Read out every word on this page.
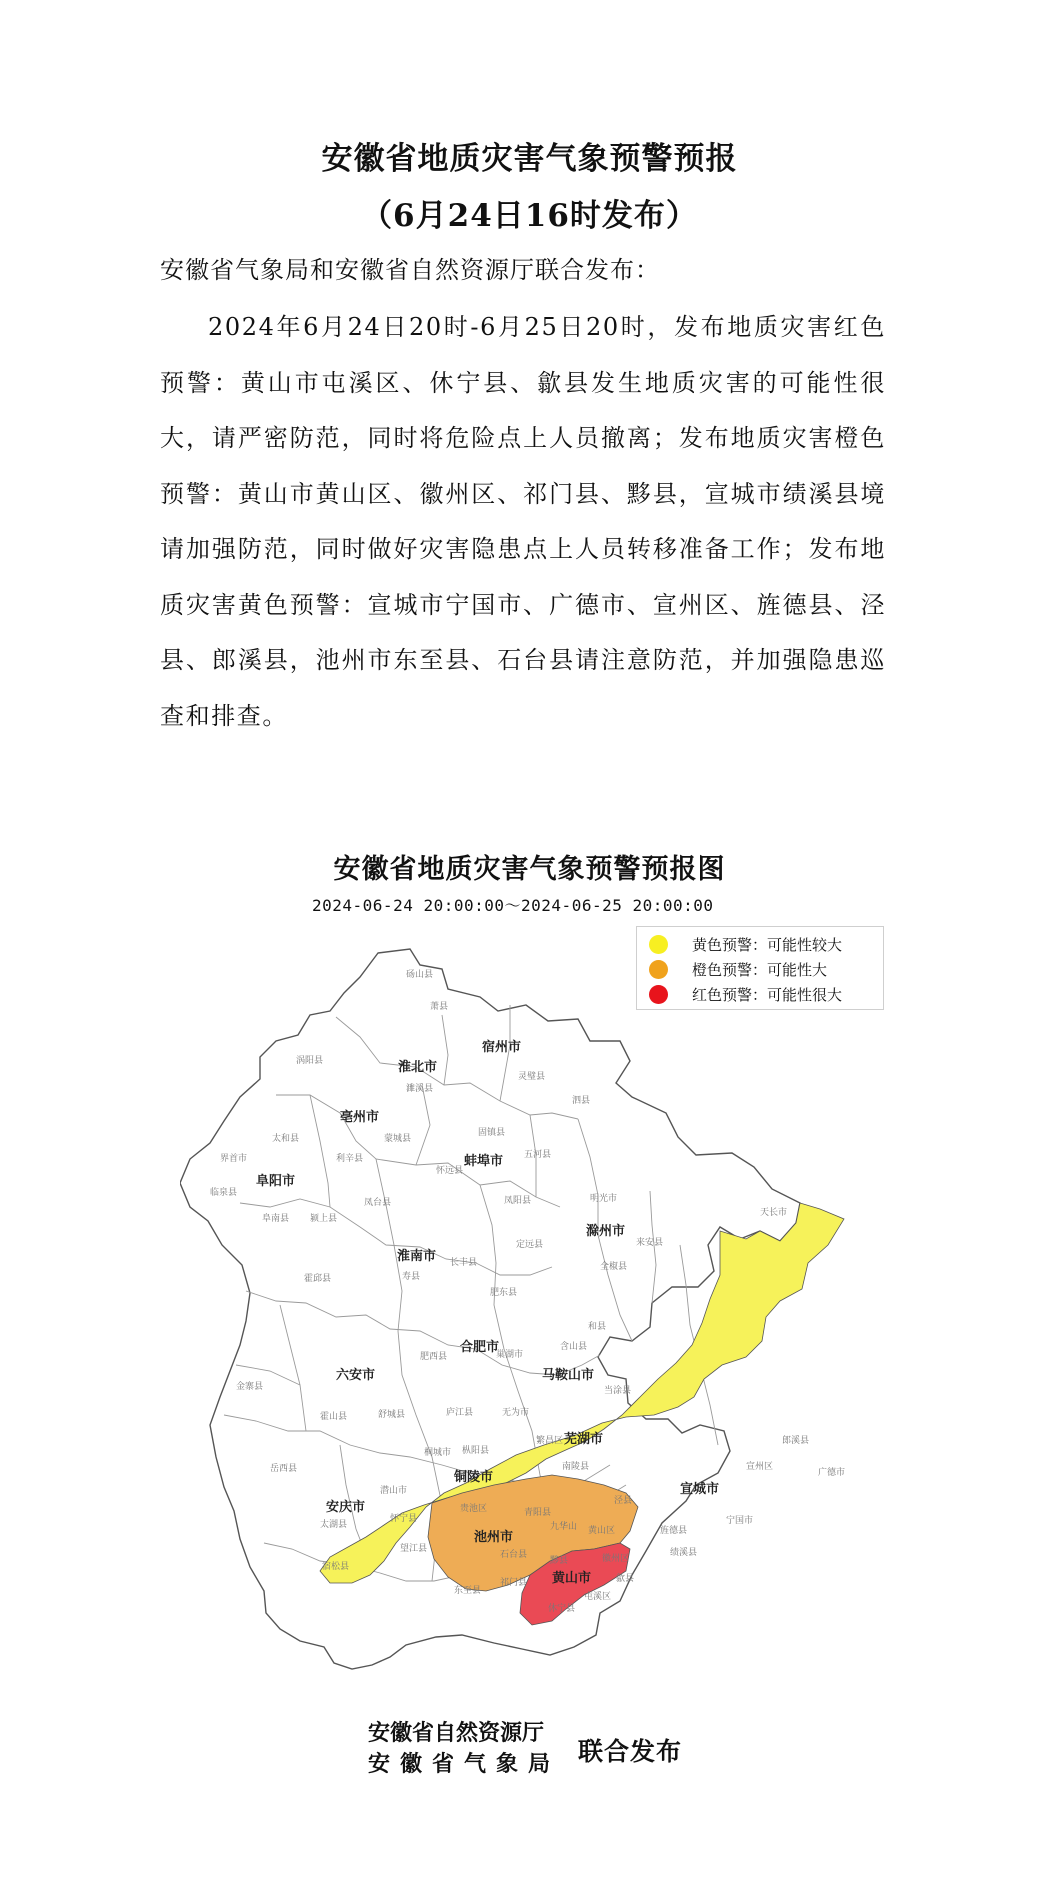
安徽省地质灾害气象预警预报
（6月24日16时发布）
安徽省气象局和安徽省自然资源厅联合发布：
2024年6月24日20时-6月25日20时，发布地质灾害红色预警：黄山市屯溪区、休宁县、歙县发生地质灾害的可能性很大，请严密防范，同时将危险点上人员撤离；发布地质灾害橙色预警：黄山市黄山区、徽州区、祁门县、黟县，宣城市绩溪县境请加强防范，同时做好灾害隐患点上人员转移准备工作；发布地质灾害黄色预警：宣城市宁国市、广德市、宣州区、旌德县、泾县、郎溪县，池州市东至县、石台县请注意防范，并加强隐患巡查和排查。
安徽省地质灾害气象预警预报图
2024-06-24 20:00:00～2024-06-25 20:00:00
黄色预警：可能性较大
橙色预警：可能性大
红色预警：可能性很大
宿州市
淮北市
亳州市
蚌埠市
阜阳市
淮南市
滁州市
合肥市
六安市	马鞍山市
芜湖市
宣城市
铜陵市
安庆市
池州市
黄山市
砀山县
萧县
灵璧县
泗县
濉溪县
涡阳县
蒙城县
利辛县
固镇县
五河县
怀远县
凤阳县	明光市
天长市
太和县
界首市
临泉县
阜南县 颍上县
凤台县
寿县
定远县
全椒县
来安县
霍邱县
肥东县
肥西县
长丰县
庐江县
巢湖市
含山县
和县
当涂县
金寨县
霍山县	舒城县	无为市
南陵县
繁昌区	郎溪县
广德市
宣州区
宁国市
泾县
旌德县
绩溪县
岳西县
潜山市
桐城市 枞阳县
怀宁县
太湖县
宿松县
望江县
东至县
石台县
青阳县
贵池区
九华山 黄山区
黟县
祁门县
徽州区
歙县
屯溪区
休宁县
安徽省自然资源厅
安徽省气象局 联合发布
